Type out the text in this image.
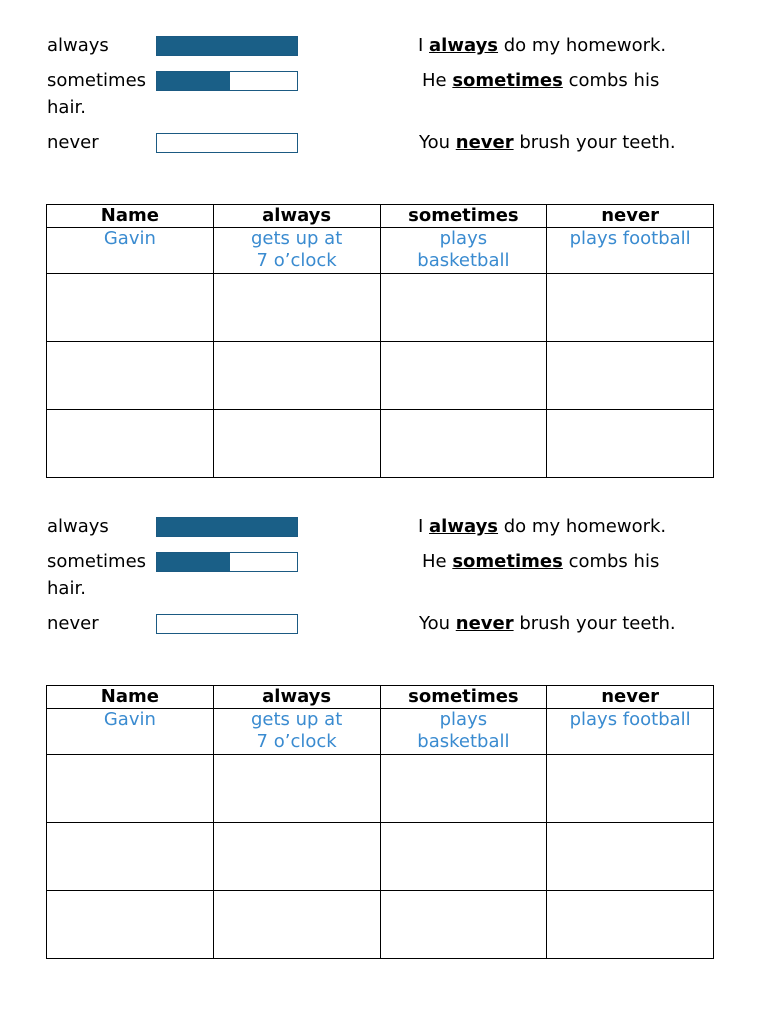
always	I always do my homework.
sometimes	He sometimes combs his
hair.
never	You never brush your teeth.
Name	always	sometimes	never
Gavin	gets up at 7 o’clock	plays basketball	plays football

always	I always do my homework.
sometimes	He sometimes combs his
hair.
never	You never brush your teeth.
Name	always	sometimes	never
Gavin	gets up at 7 o’clock	plays basketball	plays football
